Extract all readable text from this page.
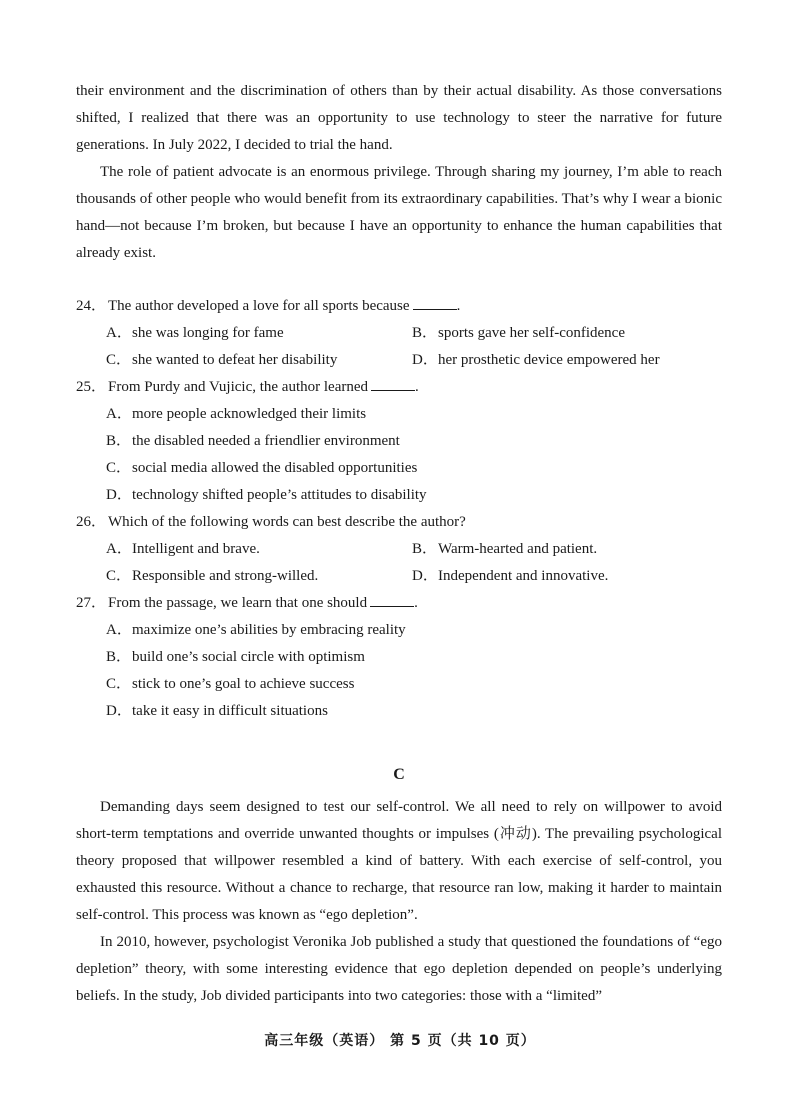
their environment and the discrimination of others than by their actual disability. As those conversations shifted, I realized that there was an opportunity to use technology to steer the narrative for future generations. In July 2022, I decided to trial the hand.

The role of patient advocate is an enormous privilege. Through sharing my journey, I’m able to reach thousands of other people who would benefit from its extraordinary capabilities. That’s why I wear a bionic hand—not because I’m broken, but because I have an opportunity to enhance the human capabilities that already exist.

24． The author developed a love for all sports because	.
A．she was longing for fame	B．sports gave her self-confidence
C．she wanted to defeat her disability	D．her prosthetic device empowered her
25． From Purdy and Vujicic, the author learned	.
A．more people acknowledged their limits
B．the disabled needed a friendlier environment
C．social media allowed the disabled opportunities
D．technology shifted people’s attitudes to disability
26． Which of the following words can best describe the author?
A．Intelligent and brave.	B．Warm-hearted and patient.
C．Responsible and strong-willed.	D．Independent and innovative.
27． From the passage, we learn that one should	.
A．maximize one’s abilities by embracing reality
B．build one’s social circle with optimism
C．stick to one’s goal to achieve success
D．take it easy in difficult situations
C

Demanding days seem designed to test our self-control. We all need to rely on willpower to avoid short-term temptations and override unwanted thoughts or impulses (冲动). The prevailing psychological theory proposed that willpower resembled a kind of battery. With each exercise of self-control, you exhausted this resource. Without a chance to recharge, that resource ran low, making it harder to maintain self-control. This process was known as “ego depletion”.

In 2010, however, psychologist Veronika Job published a study that questioned the foundations of “ego depletion” theory, with some interesting evidence that ego depletion depended on people’s underlying beliefs. In the study, Job divided participants into two categories: those with a “limited”

高三年级（英语） 第 5 页（共 10 页）
